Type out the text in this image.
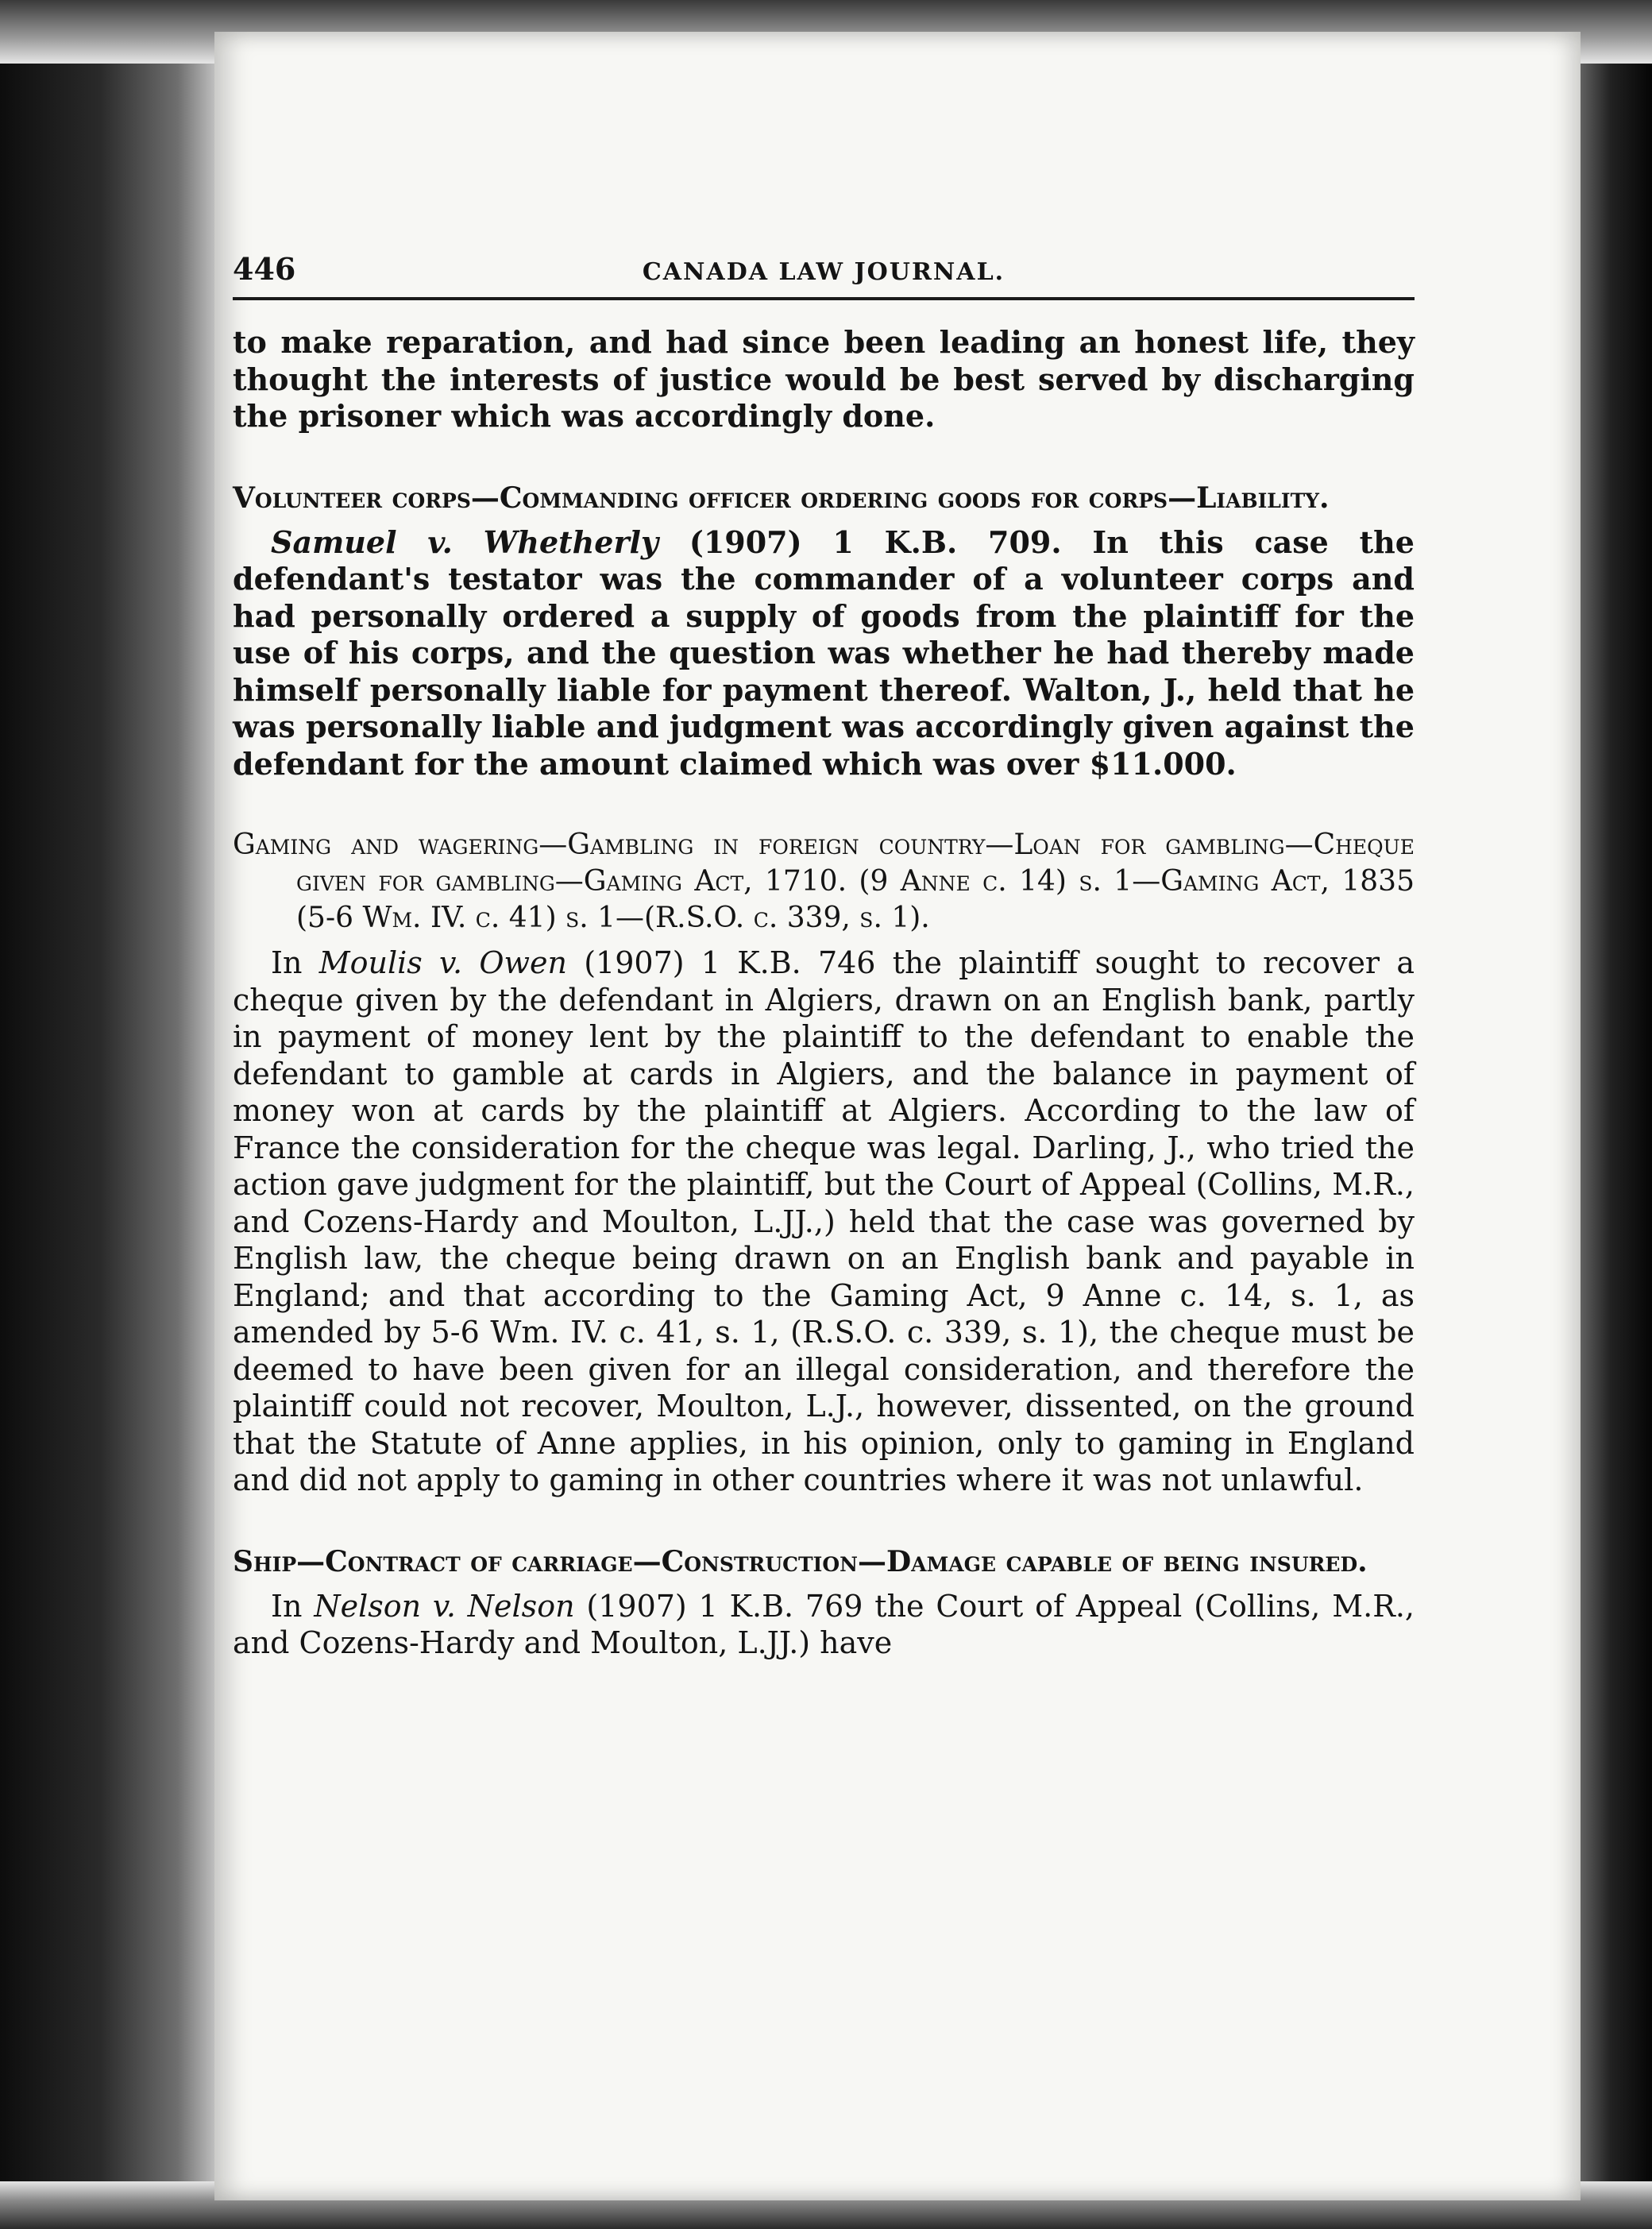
446	CANADA LAW JOURNAL.

to make reparation, and had since been leading an honest life, they thought the interests of justice would be best served by discharging the prisoner which was accordingly done.

Volunteer corps—Commanding officer ordering goods for corps—Liability.

Samuel v. Whetherly (1907) 1 K.B. 709. In this case the defendant's testator was the commander of a volunteer corps and had personally ordered a supply of goods from the plaintiff for the use of his corps, and the question was whether he had thereby made himself personally liable for payment thereof. Walton, J., held that he was personally liable and judgment was accordingly given against the defendant for the amount claimed which was over $11.000.

Gaming and wagering—Gambling in foreign country—Loan for gambling—Cheque given for gambling—Gaming Act, 1710. (9 Anne c. 14) s. 1—Gaming Act, 1835 (5-6 Wm. IV. c. 41) s. 1—(R.S.O. c. 339, s. 1).

In Moulis v. Owen (1907) 1 K.B. 746 the plaintiff sought to recover a cheque given by the defendant in Algiers, drawn on an English bank, partly in payment of money lent by the plaintiff to the defendant to enable the defendant to gamble at cards in Algiers, and the balance in payment of money won at cards by the plaintiff at Algiers. According to the law of France the consideration for the cheque was legal. Darling, J., who tried the action gave judgment for the plaintiff, but the Court of Appeal (Collins, M.R., and Cozens-Hardy and Moulton, L.JJ.,) held that the case was governed by English law, the cheque being drawn on an English bank and payable in England; and that according to the Gaming Act, 9 Anne c. 14, s. 1, as amended by 5-6 Wm. IV. c. 41, s. 1, (R.S.O. c. 339, s. 1), the cheque must be deemed to have been given for an illegal consideration, and therefore the plaintiff could not recover, Moulton, L.J., however, dissented, on the ground that the Statute of Anne applies, in his opinion, only to gaming in England and did not apply to gaming in other countries where it was not unlawful.

Ship—Contract of carriage—Construction—Damage capable of being insured.

In Nelson v. Nelson (1907) 1 K.B. 769 the Court of Appeal (Collins, M.R., and Cozens-Hardy and Moulton, L.JJ.) have
